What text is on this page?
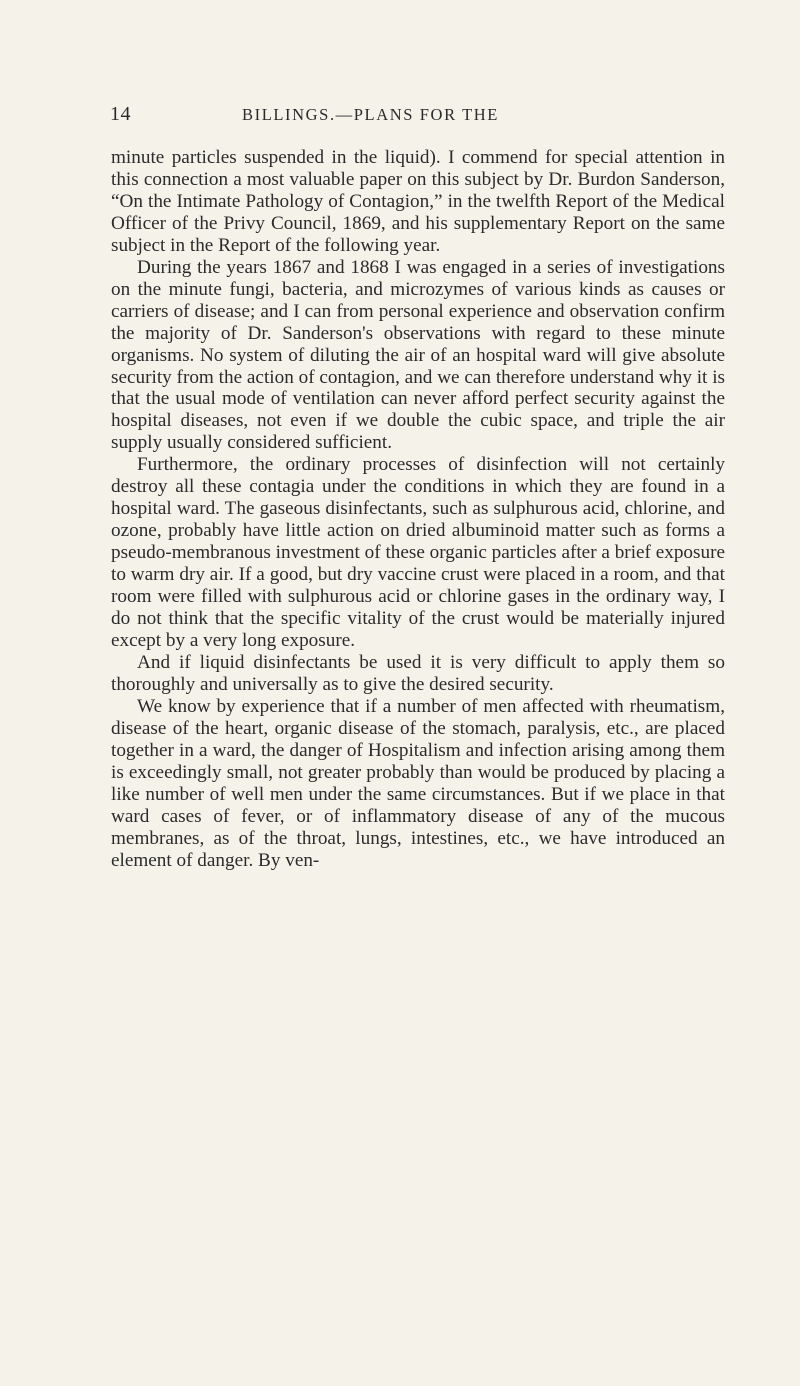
14	BILLINGS.—PLANS FOR THE

minute particles suspended in the liquid). I commend for special attention in this connection a most valuable paper on this subject by Dr. Burdon Sanderson, “On the Intimate Pathology of Contagion,” in the twelfth Report of the Medical Officer of the Privy Council, 1869, and his supplementary Report on the same subject in the Report of the following year.

During the years 1867 and 1868 I was engaged in a series of investigations on the minute fungi, bacteria, and microzymes of various kinds as causes or carriers of disease; and I can from personal experience and observation confirm the majority of Dr. Sanderson's observations with regard to these minute organisms. No system of diluting the air of an hospital ward will give absolute security from the action of contagion, and we can therefore understand why it is that the usual mode of ventilation can never afford perfect security against the hospital diseases, not even if we double the cubic space, and triple the air supply usually considered sufficient.

Furthermore, the ordinary processes of disinfection will not certainly destroy all these contagia under the conditions in which they are found in a hospital ward. The gaseous disinfectants, such as sulphurous acid, chlorine, and ozone, probably have little action on dried albuminoid matter such as forms a pseudo-membranous investment of these organic particles after a brief exposure to warm dry air. If a good, but dry vaccine crust were placed in a room, and that room were filled with sulphurous acid or chlorine gases in the ordinary way, I do not think that the specific vitality of the crust would be materially injured except by a very long exposure.

And if liquid disinfectants be used it is very difficult to apply them so thoroughly and universally as to give the desired security.

We know by experience that if a number of men affected with rheumatism, disease of the heart, organic disease of the stomach, paralysis, etc., are placed together in a ward, the danger of Hospitalism and infection arising among them is exceedingly small, not greater probably than would be produced by placing a like number of well men under the same circumstances. But if we place in that ward cases of fever, or of inflammatory disease of any of the mucous membranes, as of the throat, lungs, intestines, etc., we have introduced an element of danger. By ven-
